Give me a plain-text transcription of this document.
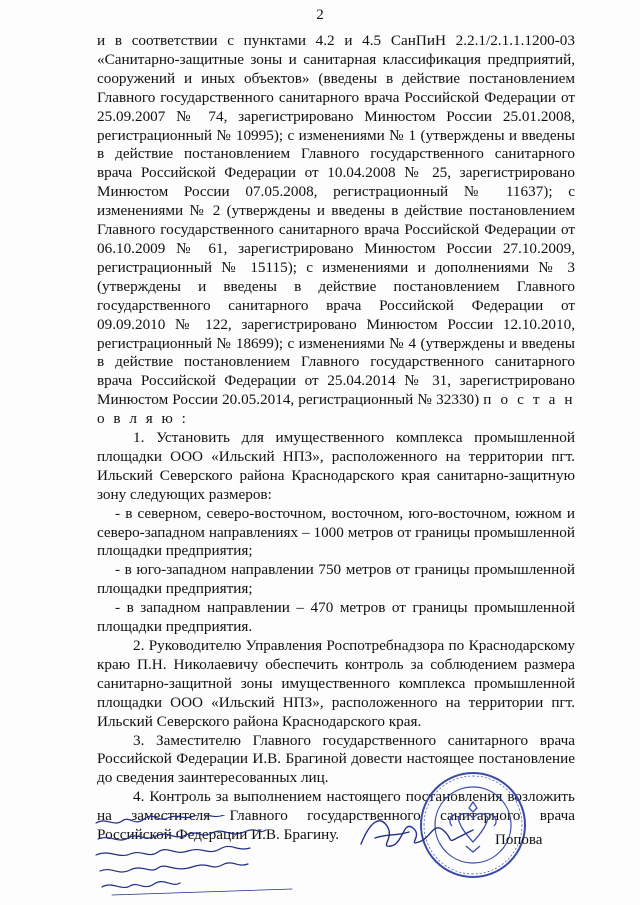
2

и в соответствии с пунктами 4.2 и 4.5 СанПиН 2.2.1/2.1.1.1200-03 «Санитарно-защитные зоны и санитарная классификация предприятий, сооружений и иных объектов» (введены в действие постановлением Главного государственного санитарного врача Российской Федерации от 25.09.2007 № 74, зарегистрировано Минюстом России 25.01.2008, регистрационный № 10995); с изменениями № 1 (утверждены и введены в действие постановлением Главного государственного санитарного врача Российской Федерации от 10.04.2008 № 25, зарегистрировано Минюстом России 07.05.2008, регистрационный № 11637); с изменениями № 2 (утверждены и введены в действие постановлением Главного государственного санитарного врача Российской Федерации от 06.10.2009 № 61, зарегистрировано Минюстом России 27.10.2009, регистрационный № 15115); с изменениями и дополнениями № 3 (утверждены и введены в действие постановлением Главного государственного санитарного врача Российской Федерации от 09.09.2010 № 122, зарегистрировано Минюстом России 12.10.2010, регистрационный № 18699); с изменениями № 4 (утверждены и введены в действие постановлением Главного государственного санитарного врача Российской Федерации от 25.04.2014 № 31, зарегистрировано Минюстом России 20.05.2014, регистрационный № 32330) п о с т а н о в л я ю :

1. Установить для имущественного комплекса промышленной площадки ООО «Ильский НПЗ», расположенного на территории пгт. Ильский Северского района Краснодарского края санитарно-защитную зону следующих размеров:

- в северном, северо-восточном, восточном, юго-восточном, южном и северо-западном направлениях – 1000 метров от границы промышленной площадки предприятия;

- в юго-западном направлении 750 метров от границы промышленной площадки предприятия;

- в западном направлении – 470 метров от границы промышленной площадки предприятия.

2. Руководителю Управления Роспотребнадзора по Краснодарскому краю П.Н. Николаевичу обеспечить контроль за соблюдением размера санитарно-защитной зоны имущественного комплекса промышленной площадки ООО «Ильский НПЗ», расположенного на территории пгт. Ильский Северского района Краснодарского края.

3. Заместителю Главного государственного санитарного врача Российской Федерации И.В. Брагиной довести настоящее постановление до сведения заинтересованных лиц.

4. Контроль за выполнением настоящего постановления возложить на заместителя Главного государственного санитарного врача Российской Федерации И.В. Брагину.	Попова
